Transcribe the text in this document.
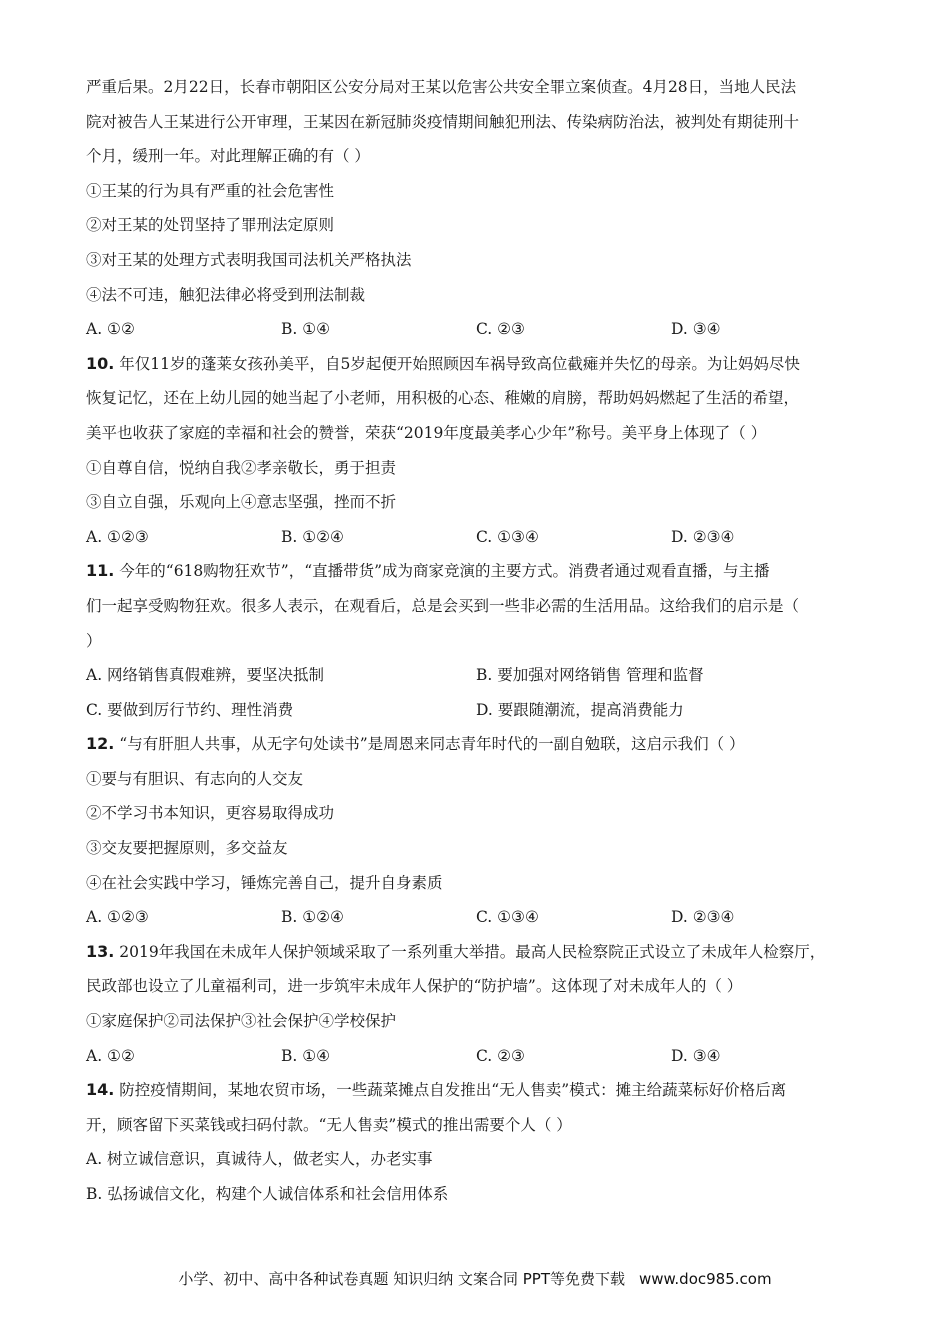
严重后果。2月22日，长春市朝阳区公安分局对王某以危害公共安全罪立案侦查。4月28日，当地人民法
院对被告人王某进行公开审理，王某因在新冠肺炎疫情期间触犯刑法、传染病防治法，被判处有期徒刑十
个月，缓刑一年。对此理解正确的有（ ）
①王某的行为具有严重的社会危害性
②对王某的处罚坚持了罪刑法定原则
③对王某的处理方式表明我国司法机关严格执法
④法不可违，触犯法律必将受到刑法制裁
A. ①②	B. ①④	C. ②③	D. ③④
10. 年仅11岁的蓬莱女孩孙美平，自5岁起便开始照顾因车祸导致高位截瘫并失忆的母亲。为让妈妈尽快
恢复记忆，还在上幼儿园的她当起了小老师，用积极的心态、稚嫩的肩膀，帮助妈妈燃起了生活的希望，
美平也收获了家庭的幸福和社会的赞誉，荣获“2019年度最美孝心少年”称号。美平身上体现了（ ）
①自尊自信，悦纳自我②孝亲敬长，勇于担责
③自立自强，乐观向上④意志坚强，挫而不折
A. ①②③	B. ①②④	C. ①③④	D. ②③④
11. 今年的“618购物狂欢节”，“直播带货”成为商家竞演的主要方式。消费者通过观看直播，与主播
们一起享受购物狂欢。很多人表示，在观看后，总是会买到一些非必需的生活用品。这给我们的启示是（
）
A. 网络销售真假难辨，要坚决抵制	B. 要加强对网络销售 管理和监督
C. 要做到厉行节约、理性消费	D. 要跟随潮流，提高消费能力
12. “与有肝胆人共事，从无字句处读书”是周恩来同志青年时代的一副自勉联，这启示我们（ ）
①要与有胆识、有志向的人交友
②不学习书本知识，更容易取得成功
③交友要把握原则，多交益友
④在社会实践中学习，锤炼完善自己，提升自身素质
A. ①②③	B. ①②④	C. ①③④	D. ②③④
13. 2019年我国在未成年人保护领域采取了一系列重大举措。最高人民检察院正式设立了未成年人检察厅，
民政部也设立了儿童福利司，进一步筑牢未成年人保护的“防护墙”。这体现了对未成年人的（ ）
①家庭保护②司法保护③社会保护④学校保护
A. ①②	B. ①④	C. ②③	D. ③④
14. 防控疫情期间，某地农贸市场，一些蔬菜摊点自发推出“无人售卖”模式：摊主给蔬菜标好价格后离
开，顾客留下买菜钱或扫码付款。“无人售卖”模式的推出需要个人（ ）
A. 树立诚信意识，真诚待人，做老实人，办老实事
B. 弘扬诚信文化，构建个人诚信体系和社会信用体系
小学、初中、高中各种试卷真题 知识归纳 文案合同 PPT等免费下载 www.doc985.com
